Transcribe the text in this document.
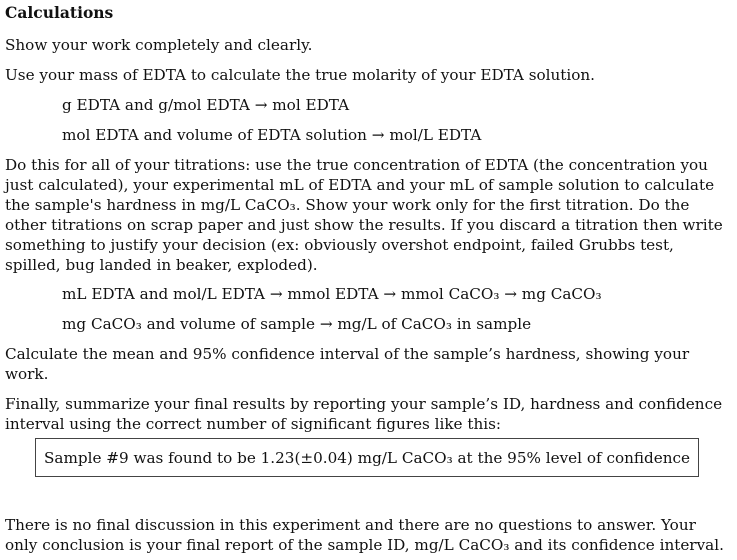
Calculations

Show your work completely and clearly.

Use your mass of EDTA to calculate the true molarity of your EDTA solution.

g EDTA and g/mol EDTA → mol EDTA

mol EDTA and volume of EDTA solution → mol/L EDTA

Do this for all of your titrations: use the true concentration of EDTA (the concentration you just calculated), your experimental mL of EDTA and your mL of sample solution to calculate the sample's hardness in mg/L CaCO₃. Show your work only for the first titration. Do the other titrations on scrap paper and just show the results. If you discard a titration then write something to justify your decision (ex: obviously overshot endpoint, failed Grubbs test, spilled, bug landed in beaker, exploded).

mL EDTA and mol/L EDTA → mmol EDTA → mmol CaCO₃ → mg CaCO₃

mg CaCO₃ and volume of sample → mg/L of CaCO₃ in sample

Calculate the mean and 95% confidence interval of the sample’s hardness, showing your work.

Finally, summarize your final results by reporting your sample’s ID, hardness and confidence interval using the correct number of significant figures like this:

Sample #9 was found to be 1.23(±0.04) mg/L CaCO₃ at the 95% level of confidence

There is no final discussion in this experiment and there are no questions to answer. Your only conclusion is your final report of the sample ID, mg/L CaCO₃ and its confidence interval.
